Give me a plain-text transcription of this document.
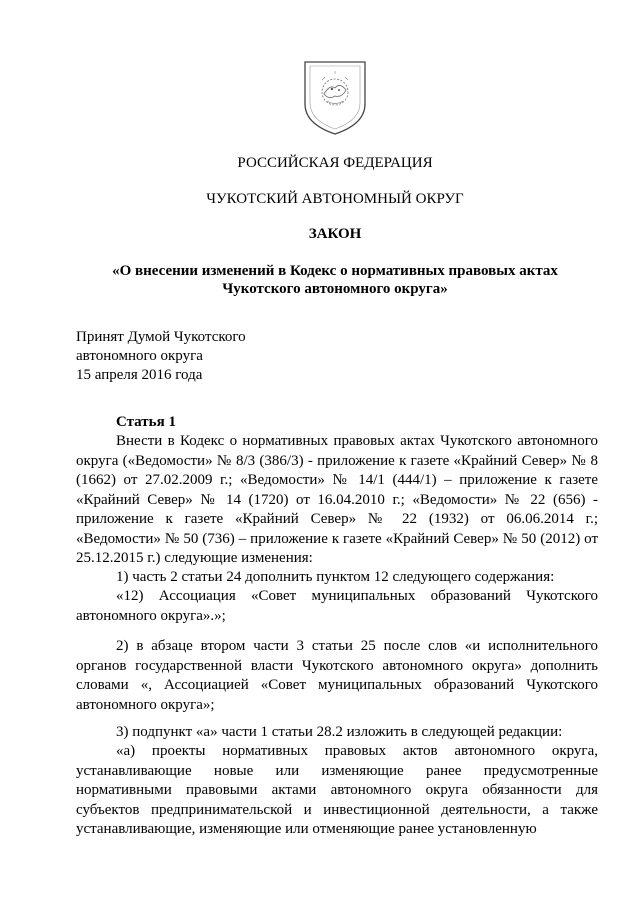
РОССИЙСКАЯ ФЕДЕРАЦИЯ
ЧУКОТСКИЙ АВТОНОМНЫЙ ОКРУГ
ЗАКОН
«О внесении изменений в Кодекс о нормативных правовых актах
Чукотского автономного округа»
Принят Думой Чукотского
автономного округа
15 апреля 2016 года
Статья 1

Внести в Кодекс о нормативных правовых актах Чукотского автономного округа («Ведомости» № 8/3 (386/3) - приложение к газете «Крайний Север» № 8 (1662) от 27.02.2009 г.; «Ведомости» № 14/1 (444/1) – приложение к газете «Крайний Север» № 14 (1720) от 16.04.2010 г.; «Ведомости» № 22 (656) - приложение к газете «Крайний Север» № 22 (1932) от 06.06.2014 г.; «Ведомости» № 50 (736) – приложение к газете «Крайний Север» № 50 (2012) от 25.12.2015 г.) следующие изменения:

1) часть 2 статьи 24 дополнить пунктом 12 следующего содержания:

«12) Ассоциация «Совет муниципальных образований Чукотского автономного округа».»;

2) в абзаце втором части 3 статьи 25 после слов «и исполнительного органов государственной власти Чукотского автономного округа» дополнить словами «, Ассоциацией «Совет муниципальных образований Чукотского автономного округа»;

3) подпункт «а» части 1 статьи 28.2 изложить в следующей редакции:

«а) проекты нормативных правовых актов автономного округа, устанавливающие новые или изменяющие ранее предусмотренные нормативными правовыми актами автономного округа обязанности для субъектов предпринимательской и инвестиционной деятельности, а также устанавливающие, изменяющие или отменяющие ранее установленную
